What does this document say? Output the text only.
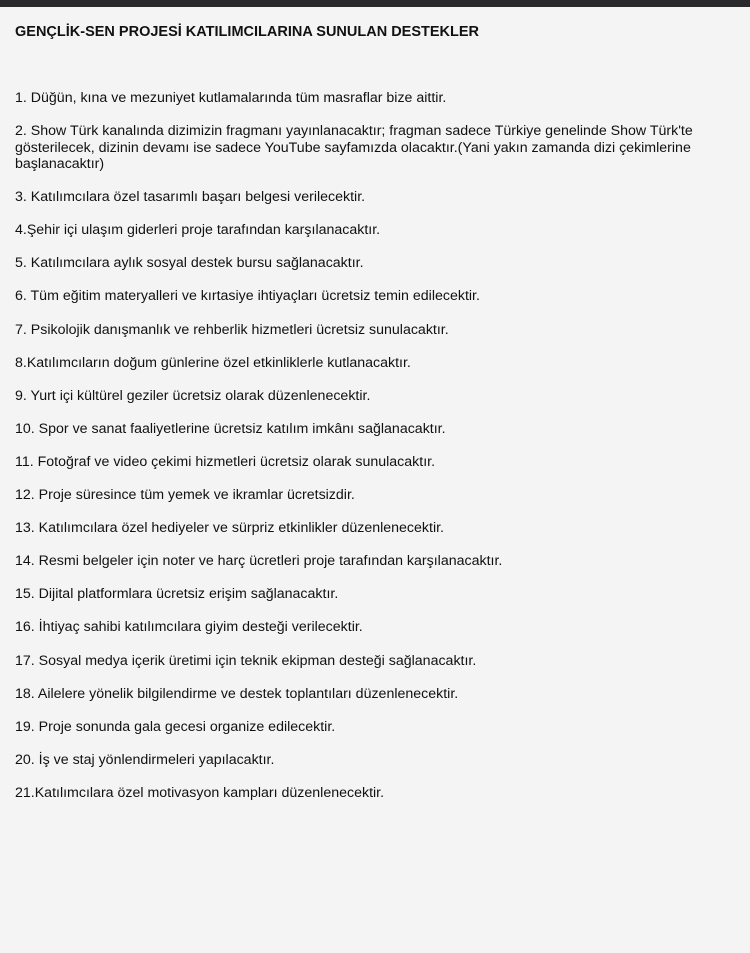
GENÇLİK-SEN PROJESİ KATILIMCILARINA SUNULAN DESTEKLER
1. Düğün, kına ve mezuniyet kutlamalarında tüm masraflar bize aittir.
2. Show Türk kanalında dizimizin fragmanı yayınlanacaktır; fragman sadece Türkiye genelinde Show Türk'te gösterilecek, dizinin devamı ise sadece YouTube sayfamızda olacaktır.(Yani yakın zamanda dizi çekimlerine başlanacaktır)
3. Katılımcılara özel tasarımlı başarı belgesi verilecektir.
4.Şehir içi ulaşım giderleri proje tarafından karşılanacaktır.
5. Katılımcılara aylık sosyal destek bursu sağlanacaktır.
6. Tüm eğitim materyalleri ve kırtasiye ihtiyaçları ücretsiz temin edilecektir.
7. Psikolojik danışmanlık ve rehberlik hizmetleri ücretsiz sunulacaktır.
8.Katılımcıların doğum günlerine özel etkinliklerle kutlanacaktır.
9. Yurt içi kültürel geziler ücretsiz olarak düzenlenecektir.
10. Spor ve sanat faaliyetlerine ücretsiz katılım imkânı sağlanacaktır.
11. Fotoğraf ve video çekimi hizmetleri ücretsiz olarak sunulacaktır.
12. Proje süresince tüm yemek ve ikramlar ücretsizdir.
13. Katılımcılara özel hediyeler ve sürpriz etkinlikler düzenlenecektir.
14. Resmi belgeler için noter ve harç ücretleri proje tarafından karşılanacaktır.
15. Dijital platformlara ücretsiz erişim sağlanacaktır.
16. İhtiyaç sahibi katılımcılara giyim desteği verilecektir.
17. Sosyal medya içerik üretimi için teknik ekipman desteği sağlanacaktır.
18. Ailelere yönelik bilgilendirme ve destek toplantıları düzenlenecektir.
19. Proje sonunda gala gecesi organize edilecektir.
20. İş ve staj yönlendirmeleri yapılacaktır.
21.Katılımcılara özel motivasyon kampları düzenlenecektir.
